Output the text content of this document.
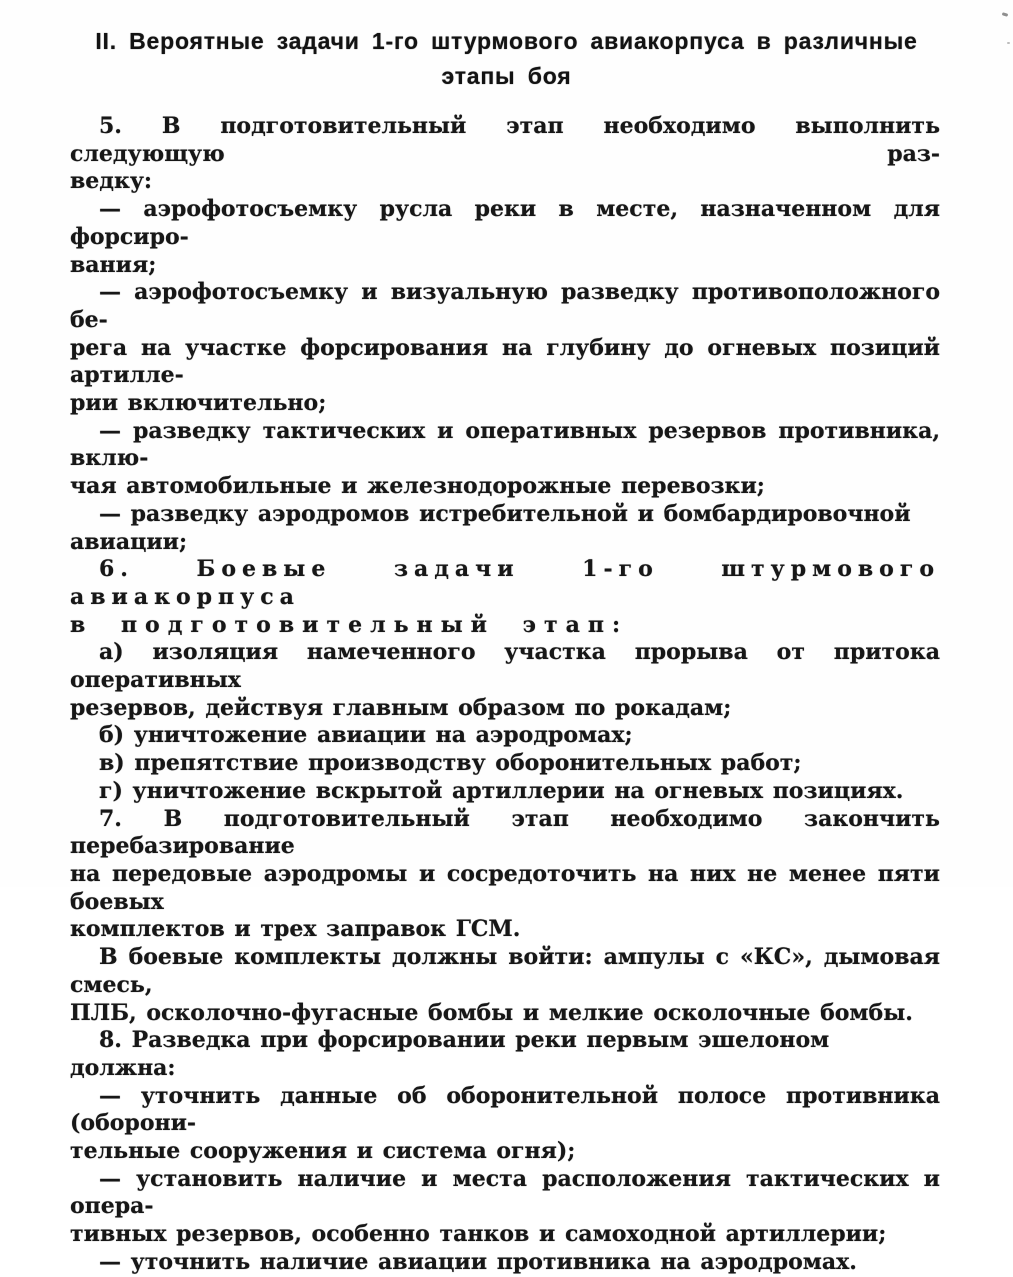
II. Вероятные задачи 1-го штурмового авиакорпуса в различные
этапы боя
5. В подготовительный этап необходимо выполнить следующую раз-
ведку:
— аэрофотосъемку русла реки в месте, назначенном для форсиро-
вания;
— аэрофотосъемку и визуальную разведку противоположного бе-
рега на участке форсирования на глубину до огневых позиций артилле-
рии включительно;
— разведку тактических и оперативных резервов противника, вклю-
чая автомобильные и железнодорожные перевозки;
— разведку аэродромов истребительной и бомбардировочной авиации;
6. Боевые задачи 1-го штурмового авиакорпуса
в подготовительный этап:
а) изоляция намеченного участка прорыва от притока оперативных
резервов, действуя главным образом по рокадам;
б) уничтожение авиации на аэродромах;
в) препятствие производству оборонительных работ;
г) уничтожение вскрытой артиллерии на огневых позициях.
7. В подготовительный этап необходимо закончить перебазирование
на передовые аэродромы и сосредоточить на них не менее пяти боевых
комплектов и трех заправок ГСМ.
В боевые комплекты должны войти: ампулы с «КС», дымовая смесь,
ПЛБ, осколочно-фугасные бомбы и мелкие осколочные бомбы.
8. Разведка при форсировании реки первым эшелоном должна:
— уточнить данные об оборонительной полосе противника (оборони-
тельные сооружения и система огня);
— установить наличие и места расположения тактических и опера-
тивных резервов, особенно танков и самоходной артиллерии;
— уточнить наличие авиации противника на аэродромах.
